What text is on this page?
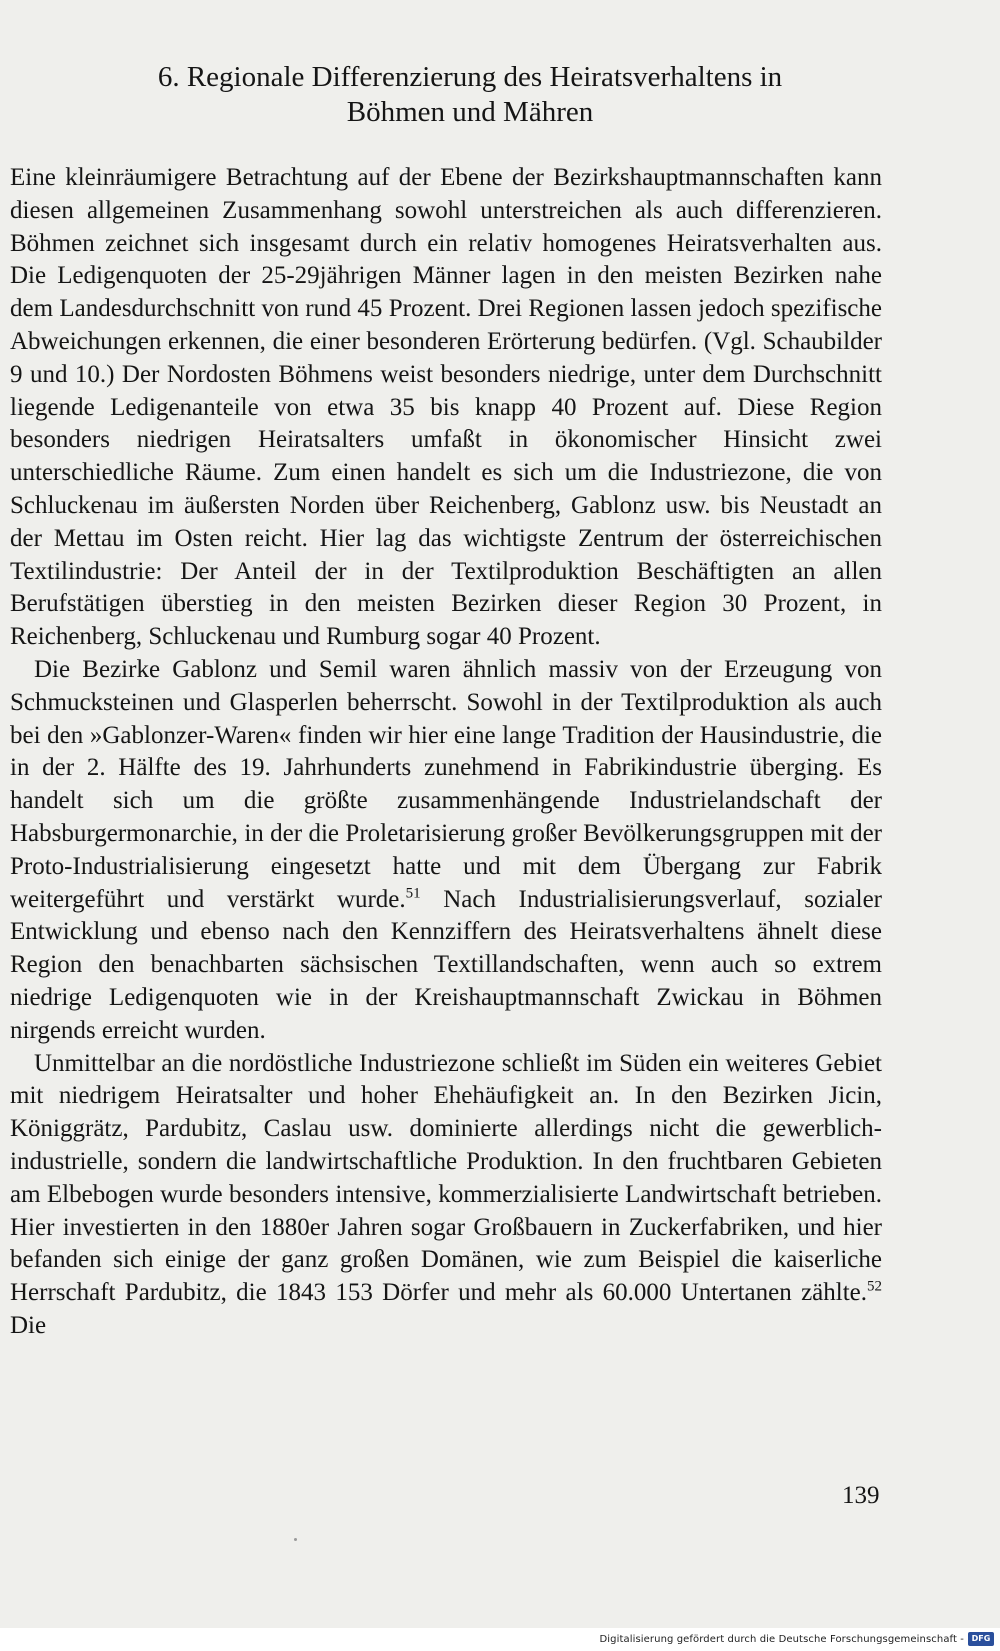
6. Regionale Differenzierung des Heiratsverhaltens in
Böhmen und Mähren

Eine kleinräumigere Betrachtung auf der Ebene der Bezirkshauptmannschaften kann diesen allgemeinen Zusammenhang sowohl unterstreichen als auch differenzieren. Böhmen zeichnet sich insgesamt durch ein relativ homogenes Heiratsverhalten aus. Die Ledigenquoten der 25-29jährigen Männer lagen in den meisten Bezirken nahe dem Landesdurchschnitt von rund 45 Prozent. Drei Regionen lassen jedoch spezifische Abweichungen erkennen, die einer besonderen Erörterung bedürfen. (Vgl. Schaubilder 9 und 10.) Der Nordosten Böhmens weist besonders niedrige, unter dem Durchschnitt liegende Ledigenanteile von etwa 35 bis knapp 40 Prozent auf. Diese Region besonders niedrigen Heiratsalters umfaßt in ökonomischer Hinsicht zwei unterschiedliche Räume. Zum einen handelt es sich um die Industriezone, die von Schluckenau im äußersten Norden über Reichenberg, Gablonz usw. bis Neustadt an der Mettau im Osten reicht. Hier lag das wichtigste Zentrum der österreichischen Textilindustrie: Der Anteil der in der Textilproduktion Beschäftigten an allen Berufstätigen überstieg in den meisten Bezirken dieser Region 30 Prozent, in Reichenberg, Schluckenau und Rumburg sogar 40 Prozent.

Die Bezirke Gablonz und Semil waren ähnlich massiv von der Erzeugung von Schmucksteinen und Glasperlen beherrscht. Sowohl in der Textilproduktion als auch bei den »Gablonzer-Waren« finden wir hier eine lange Tradition der Hausindustrie, die in der 2. Hälfte des 19. Jahrhunderts zunehmend in Fabrikindustrie überging. Es handelt sich um die größte zusammenhängende Industrielandschaft der Habsburgermonarchie, in der die Proletarisierung großer Bevölkerungsgruppen mit der Proto-Industrialisierung eingesetzt hatte und mit dem Übergang zur Fabrik weitergeführt und verstärkt wurde.$^{51}$ Nach Industrialisierungsverlauf, sozialer Entwicklung und ebenso nach den Kennziffern des Heiratsverhaltens ähnelt diese Region den benachbarten sächsischen Textillandschaften, wenn auch so extrem niedrige Ledigenquoten wie in der Kreishauptmannschaft Zwickau in Böhmen nirgends erreicht wurden.

Unmittelbar an die nordöstliche Industriezone schließt im Süden ein weiteres Gebiet mit niedrigem Heiratsalter und hoher Ehehäufigkeit an. In den Bezirken Jicin, Königgrätz, Pardubitz, Caslau usw. dominierte allerdings nicht die gewerblich-industrielle, sondern die landwirtschaftliche Produktion. In den fruchtbaren Gebieten am Elbebogen wurde besonders intensive, kommerzialisierte Landwirtschaft betrieben. Hier investierten in den 1880er Jahren sogar Großbauern in Zuckerfabriken, und hier befanden sich einige der ganz großen Domänen, wie zum Beispiel die kaiserliche Herrschaft Pardubitz, die 1843 153 Dörfer und mehr als 60.000 Untertanen zählte.$^{52}$ Die

139
Digitalisierung gefördert durch die Deutsche Forschungsgemeinschaft - DFG
